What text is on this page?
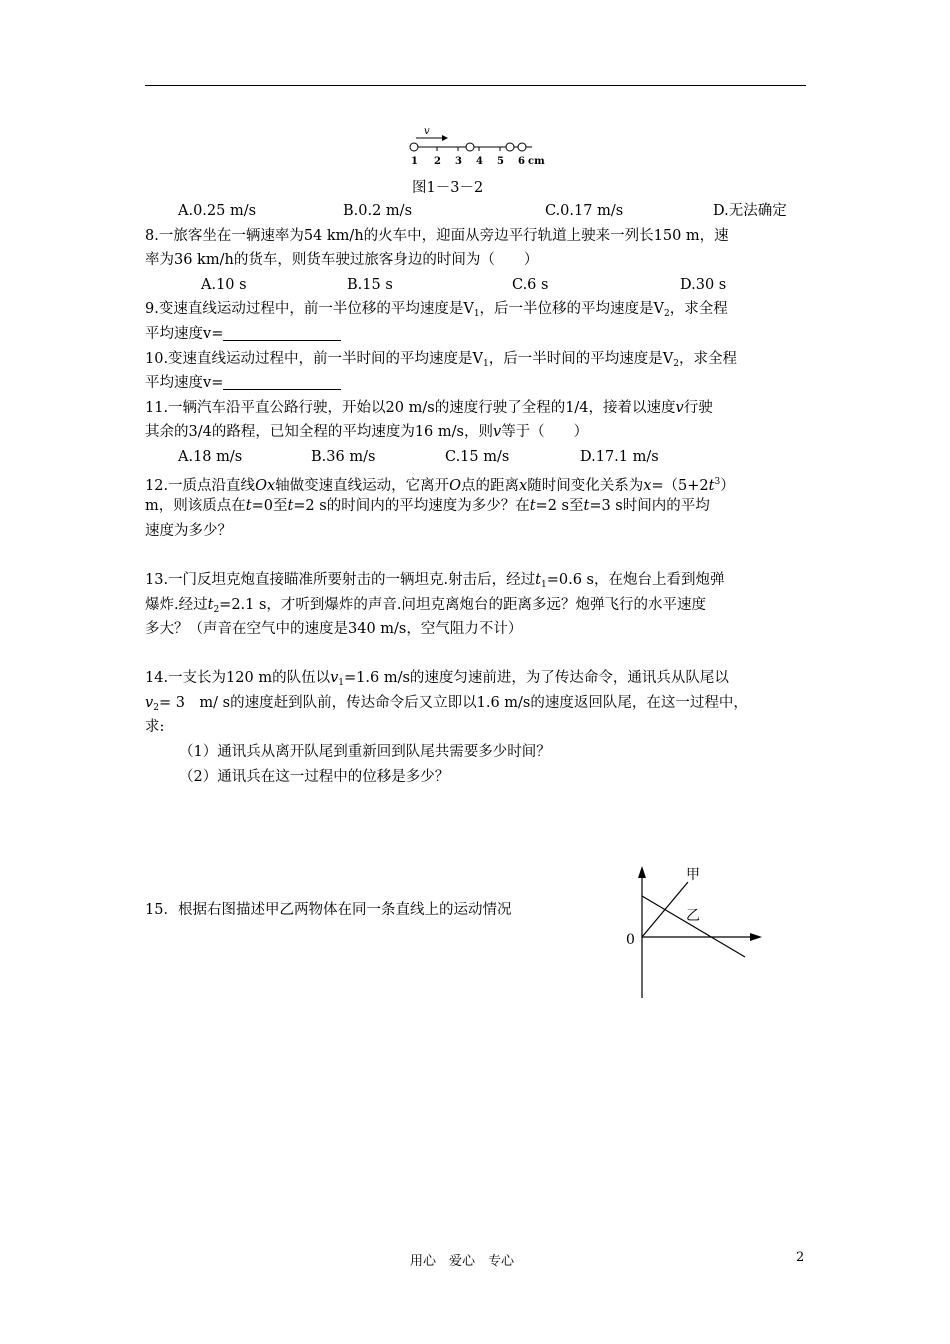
v
1 2 3 4 5 6 cm
图1－3－2
A.0.25 m/s	B.0.2 m/s	C.0.17 m/s	D.无法确定
8.一旅客坐在一辆速率为54 km/h的火车中，迎面从旁边平行轨道上驶来一列长150 m，速
率为36 km/h的货车，则货车驶过旅客身边的时间为（　　）
A.10 s	B.15 s	C.6 s	D.30 s
9.变速直线运动过程中，前一半位移的平均速度是$V_1$，后一半位移的平均速度是$V_2$，求全程
平均速度v=
10.变速直线运动过程中，前一半时间的平均速度是$V_1$，后一半时间的平均速度是$V_2$，求全程
平均速度v=
11.一辆汽车沿平直公路行驶，开始以20 m/s的速度行驶了全程的1/4，接着以速度v行驶
其余的3/4的路程，已知全程的平均速度为16 m/s，则v等于（　　）
A.18 m/s	B.36 m/s	C.15 m/s	D.17.1 m/s
12.一质点沿直线Ox轴做变速直线运动，它离开O点的距离x随时间变化关系为$x=(5+2t^3)$
m，则该质点在t=0至t=2 s的时间内的平均速度为多少？在t=2 s至t=3 s时间内的平均
速度为多少？
13.一门反坦克炮直接瞄准所要射击的一辆坦克.射击后，经过$t_1=0.6$ s，在炮台上看到炮弹
爆炸.经过$t_2=2.1$ s，才听到爆炸的声音.问坦克离炮台的距离多远？炮弹飞行的水平速度
多大？（声音在空气中的速度是340 m/s，空气阻力不计）
14.一支长为120 m的队伍以$v_1=1.6$ m/s的速度匀速前进，为了传达命令，通讯兵从队尾以
$v_2= 3$　m/ s的速度赶到队前，传达命令后又立即以1.6 m/s的速度返回队尾，在这一过程中，
求:
（1）通讯兵从离开队尾到重新回到队尾共需要多少时间？
（2）通讯兵在这一过程中的位移是多少？
15．根据右图描述甲乙两物体在同一条直线上的运动情况
甲
乙
0
用心　爱心　专心	2
